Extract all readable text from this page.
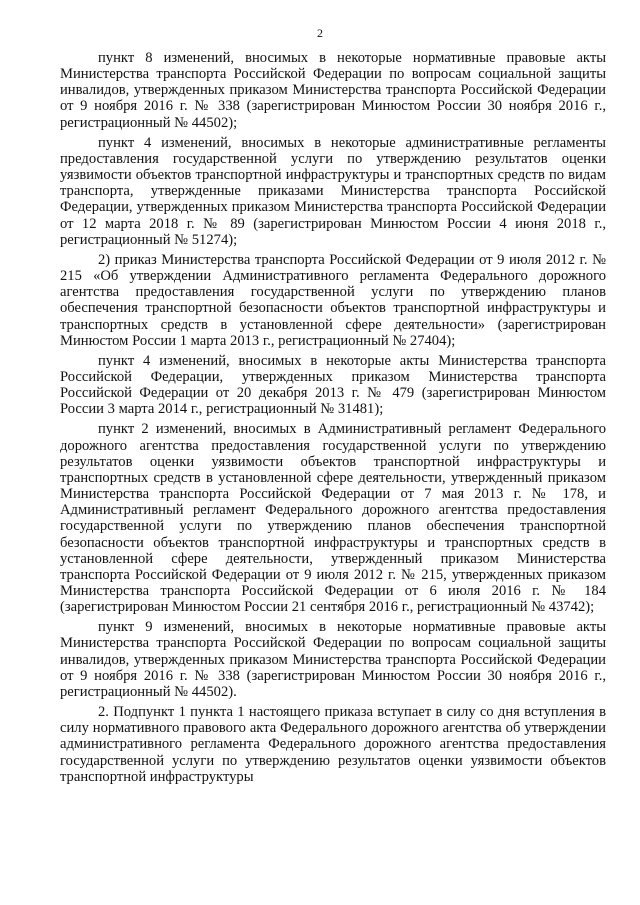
2

пункт 8 изменений, вносимых в некоторые нормативные правовые акты Министерства транспорта Российской Федерации по вопросам социальной защиты инвалидов, утвержденных приказом Министерства транспорта Российской Федерации от 9 ноября 2016 г. № 338 (зарегистрирован Минюстом России 30 ноября 2016 г., регистрационный № 44502);

пункт 4 изменений, вносимых в некоторые административные регламенты предоставления государственной услуги по утверждению результатов оценки уязвимости объектов транспортной инфраструктуры и транспортных средств по видам транспорта, утвержденные приказами Министерства транспорта Российской Федерации, утвержденных приказом Министерства транспорта Российской Федерации от 12 марта 2018 г. № 89 (зарегистрирован Минюстом России 4 июня 2018 г., регистрационный № 51274);

2) приказ Министерства транспорта Российской Федерации от 9 июля 2012 г. № 215 «Об утверждении Административного регламента Федерального дорожного агентства предоставления государственной услуги по утверждению планов обеспечения транспортной безопасности объектов транспортной инфраструктуры и транспортных средств в установленной сфере деятельности» (зарегистрирован Минюстом России 1 марта 2013 г., регистрационный № 27404);

пункт 4 изменений, вносимых в некоторые акты Министерства транспорта Российской Федерации, утвержденных приказом Министерства транспорта Российской Федерации от 20 декабря 2013 г. № 479 (зарегистрирован Минюстом России 3 марта 2014 г., регистрационный № 31481);

пункт 2 изменений, вносимых в Административный регламент Федерального дорожного агентства предоставления государственной услуги по утверждению результатов оценки уязвимости объектов транспортной инфраструктуры и транспортных средств в установленной сфере деятельности, утвержденный приказом Министерства транспорта Российской Федерации от 7 мая 2013 г. № 178, и Административный регламент Федерального дорожного агентства предоставления государственной услуги по утверждению планов обеспечения транспортной безопасности объектов транспортной инфраструктуры и транспортных средств в установленной сфере деятельности, утвержденный приказом Министерства транспорта Российской Федерации от 9 июля 2012 г. № 215, утвержденных приказом Министерства транспорта Российской Федерации от 6 июля 2016 г. № 184 (зарегистрирован Минюстом России 21 сентября 2016 г., регистрационный № 43742);

пункт 9 изменений, вносимых в некоторые нормативные правовые акты Министерства транспорта Российской Федерации по вопросам социальной защиты инвалидов, утвержденных приказом Министерства транспорта Российской Федерации от 9 ноября 2016 г. № 338 (зарегистрирован Минюстом России 30 ноября 2016 г., регистрационный № 44502).

2. Подпункт 1 пункта 1 настоящего приказа вступает в силу со дня вступления в силу нормативного правового акта Федерального дорожного агентства об утверждении административного регламента Федерального дорожного агентства предоставления государственной услуги по утверждению результатов оценки уязвимости объектов транспортной инфраструктуры
